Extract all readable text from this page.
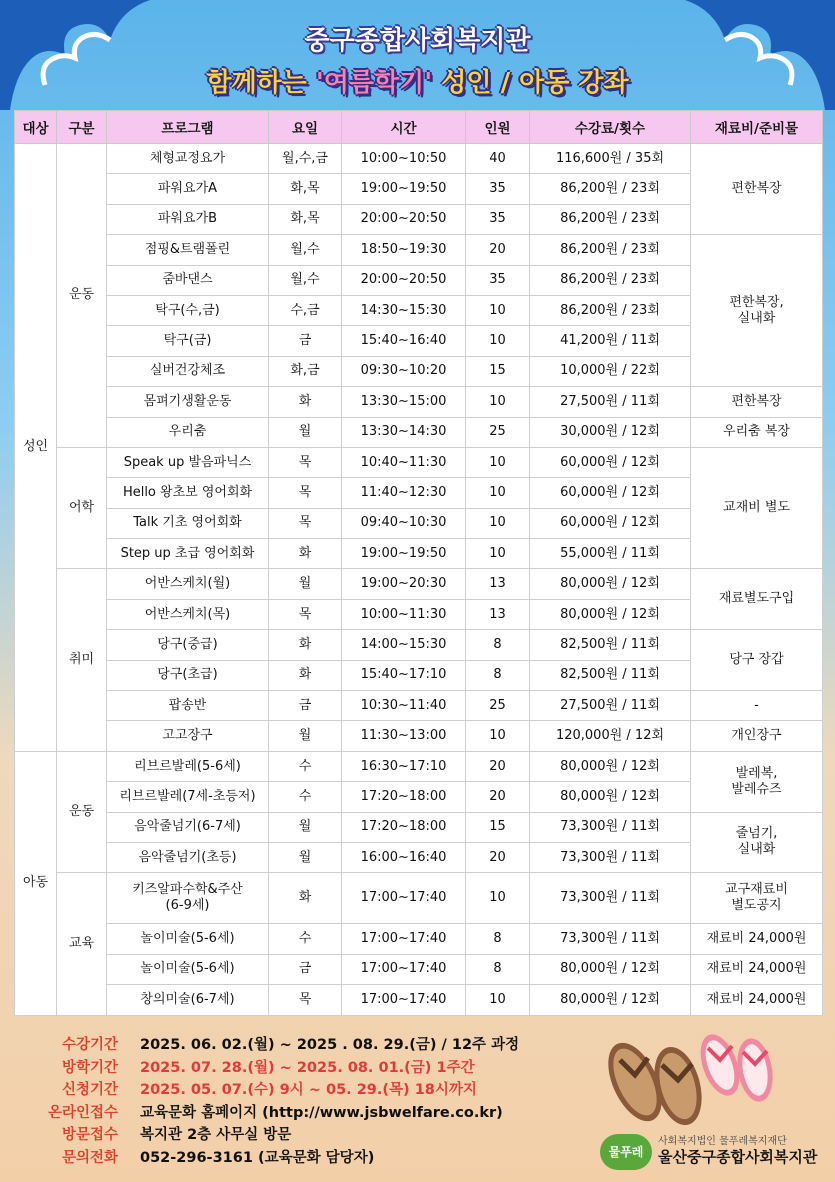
중구종합사회복지관
함께하는 '여름학기' 성인 / 아동 강좌
대상	구분	프로그램	요일	시간	인원	수강료/횟수	재료비/준비물
성인	운동	체형교정요가	월,수,금	10:00~10:50	40	116,600원 / 35회	편한복장
		파워요가A	화,목	19:00~19:50	35	86,200원 / 23회	
		파워요가B	화,목	20:00~20:50	35	86,200원 / 23회	
		점핑&트램폴린	월,수	18:50~19:30	20	86,200원 / 23회	편한복장,
실내화
		줌바댄스	월,수	20:00~20:50	35	86,200원 / 23회	
		탁구(수,금)	수,금	14:30~15:30	10	86,200원 / 23회	
		탁구(금)	금	15:40~16:40	10	41,200원 / 11회	
		실버건강체조	화,금	09:30~10:20	15	10,000원 / 22회	
		몸펴기생활운동	화	13:30~15:00	10	27,500원 / 11회	편한복장
		우리춤	월	13:30~14:30	25	30,000원 / 12회	우리춤 복장
	어학	Speak up 발음파닉스	목	10:40~11:30	10	60,000원 / 12회	교재비 별도
		Hello 왕초보 영어회화	목	11:40~12:30	10	60,000원 / 12회	
		Talk 기초 영어회화	목	09:40~10:30	10	60,000원 / 12회	
		Step up 초급 영어회화	화	19:00~19:50	10	55,000원 / 11회	
	취미	어반스케치(월)	월	19:00~20:30	13	80,000원 / 12회	재료별도구입
		어반스케치(목)	목	10:00~11:30	13	80,000원 / 12회	
		당구(중급)	화	14:00~15:30	8	82,500원 / 11회	당구 장갑
		당구(초급)	화	15:40~17:10	8	82,500원 / 11회	
		팝송반	금	10:30~11:40	25	27,500원 / 11회	-
		고고장구	월	11:30~13:00	10	120,000원 / 12회	개인장구
아동	운동	리브르발레(5-6세)	수	16:30~17:10	20	80,000원 / 12회	발레복,
발레슈즈
		리브르발레(7세-초등저)	수	17:20~18:00	20	80,000원 / 12회	
		음악줄넘기(6-7세)	월	17:20~18:00	15	73,300원 / 11회	줄넘기,
실내화
		음악줄넘기(초등)	월	16:00~16:40	20	73,300원 / 11회	
	교육	키즈알파수학&주산
(6-9세)	화	17:00~17:40	10	73,300원 / 11회	교구재료비
별도공지
		놀이미술(5-6세)	수	17:00~17:40	8	73,300원 / 11회	재료비 24,000원
		놀이미술(5-6세)	금	17:00~17:40	8	80,000원 / 12회	재료비 24,000원
		창의미술(6-7세)	목	17:00~17:40	10	80,000원 / 12회	재료비 24,000원
수강기간 2025. 06. 02.(월) ~ 2025 . 08. 29.(금) / 12주 과정
방학기간 2025. 07. 28.(월) ~ 2025. 08. 01.(금) 1주간
신청기간 2025. 05. 07.(수) 9시 ~ 05. 29.(목) 18시까지
온라인접수 교육문화 홈페이지 (http://www.jsbwelfare.co.kr)
방문접수 복지관 2층 사무실 방문
문의전화 052-296-3161 (교육문화 담당자)	물푸레
사회복지법인 물푸레복지재단
울산중구종합사회복지관
